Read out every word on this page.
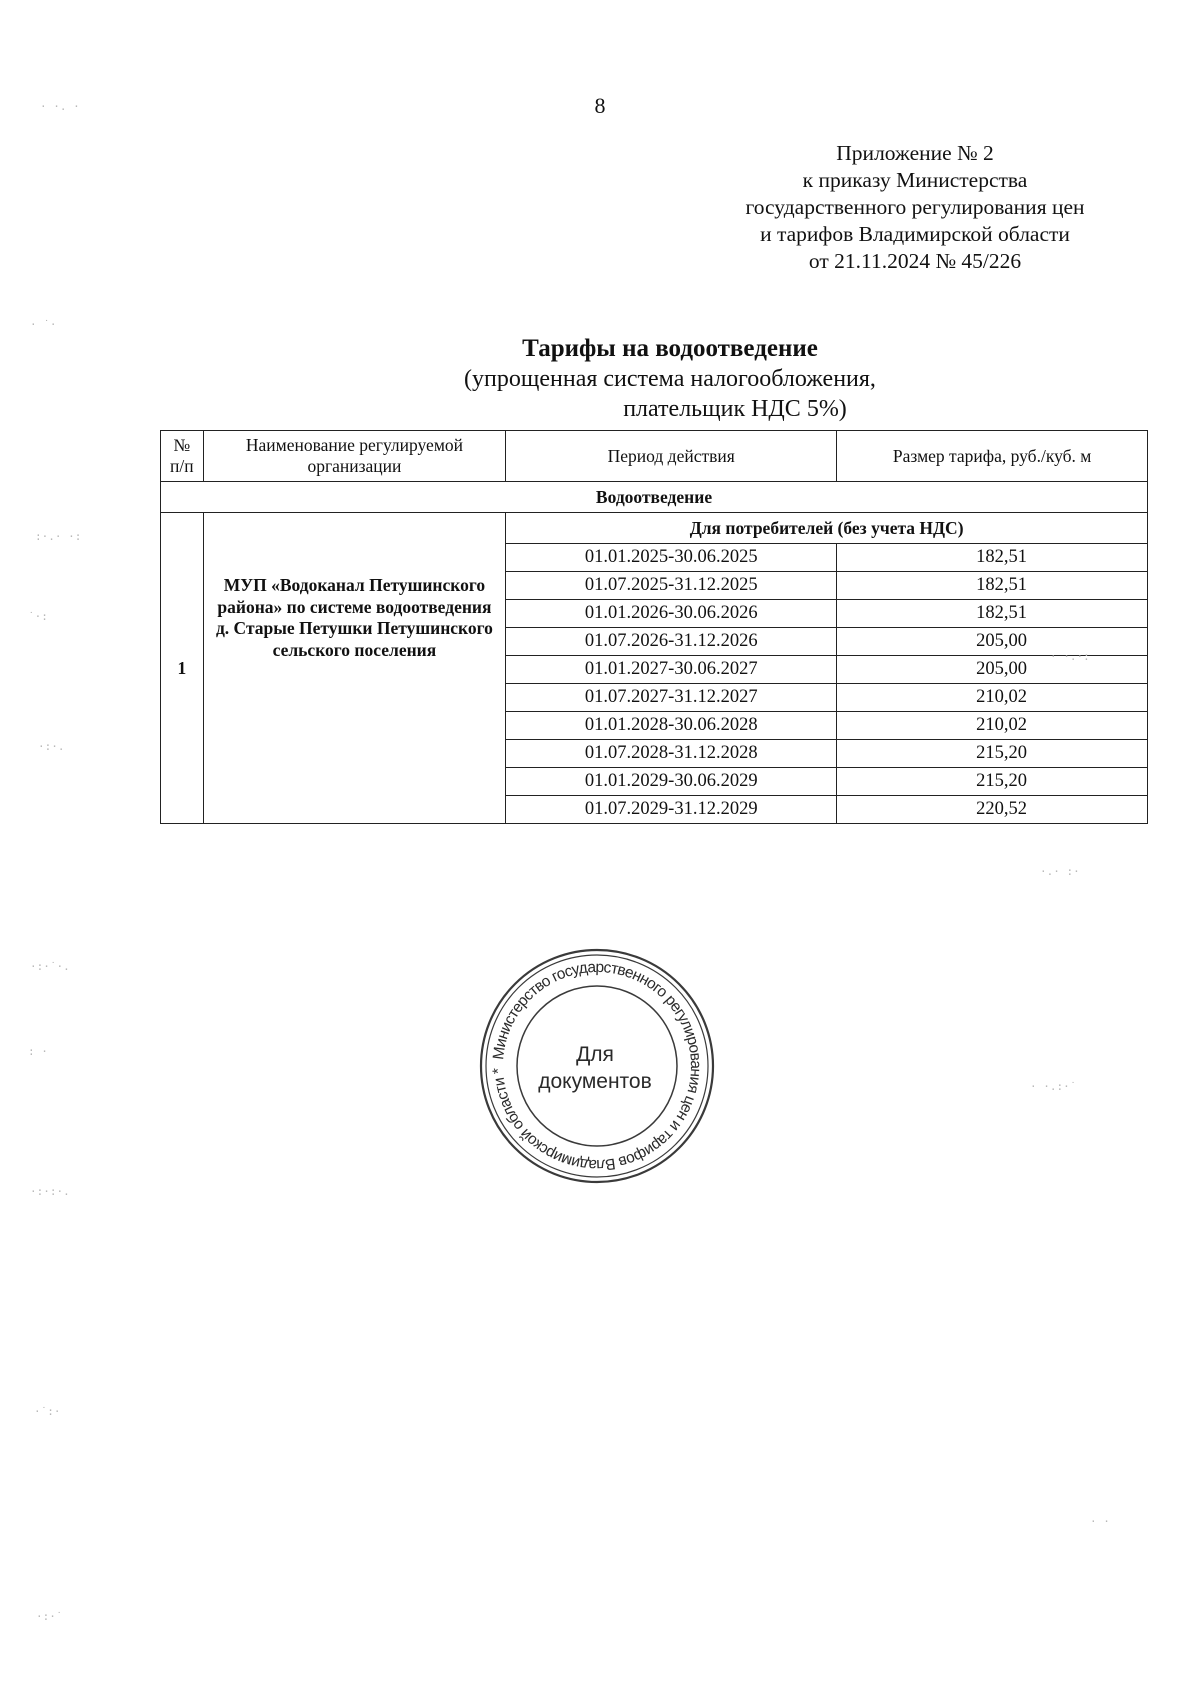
8
Приложение № 2
к приказу Министерства
государственного регулирования цен
и тарифов Владимирской области
от 21.11.2024 № 45/226
Тарифы на водоотведение
(упрощенная система налогообложения,
плательщик НДС 5%)
№ п/п	Наименование регулируемой организации	Период действия	Размер тарифа, руб./куб. м
Водоотведение			
1	МУП «Водоканал Петушинского района» по системе водоотведения д. Старые Петушки Петушинского сельского поселения	Для потребителей (без учета НДС)	
		01.01.2025-30.06.2025	182,51
		01.07.2025-31.12.2025	182,51
		01.01.2026-30.06.2026	182,51
		01.07.2026-31.12.2026	205,00
		01.01.2027-30.06.2027	205,00
		01.07.2027-31.12.2027	210,02
		01.01.2028-30.06.2028	210,02
		01.07.2028-31.12.2028	215,20
		01.01.2029-30.06.2029	215,20
		01.07.2029-31.12.2029	220,52
Министерство государственного регулирования цен и тарифов Владимирской области *
Для
документов
· ·. ·
· ˙·
:·.· ·:
˙·:
·:·.
·:·˙·.
: ·
·:·:·.
·˙:·
·:·˙
· ·.·:
·.· :·
· ·.:·˙
· ·
